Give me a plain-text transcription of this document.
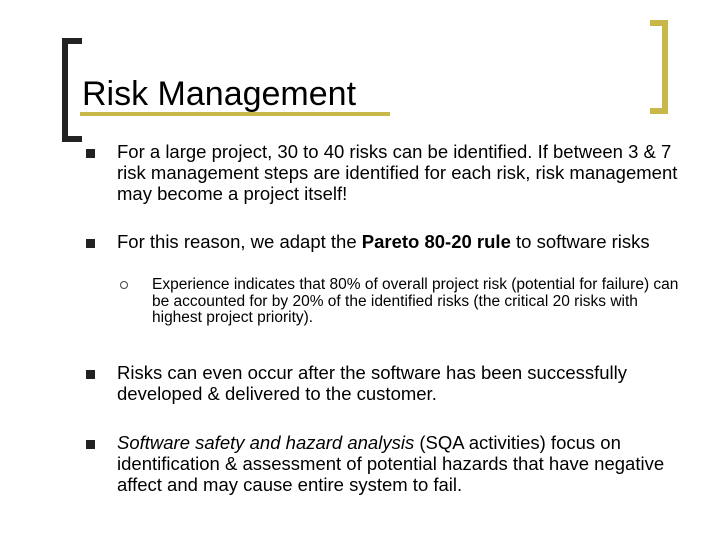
Risk Management
For a large project, 30 to 40 risks can be identified. If between 3 & 7 risk management steps are identified for each risk, risk management may become a project itself!
For this reason, we adapt the Pareto 80-20 rule to software risks
Experience indicates that 80% of overall project risk (potential for failure) can be accounted for by 20% of the identified risks (the critical 20 risks with highest project priority).
Risks can even occur after the software has been successfully developed & delivered to the customer.
Software safety and hazard analysis (SQA activities) focus on identification & assessment of potential hazards that have negative affect and may cause entire system to fail.
